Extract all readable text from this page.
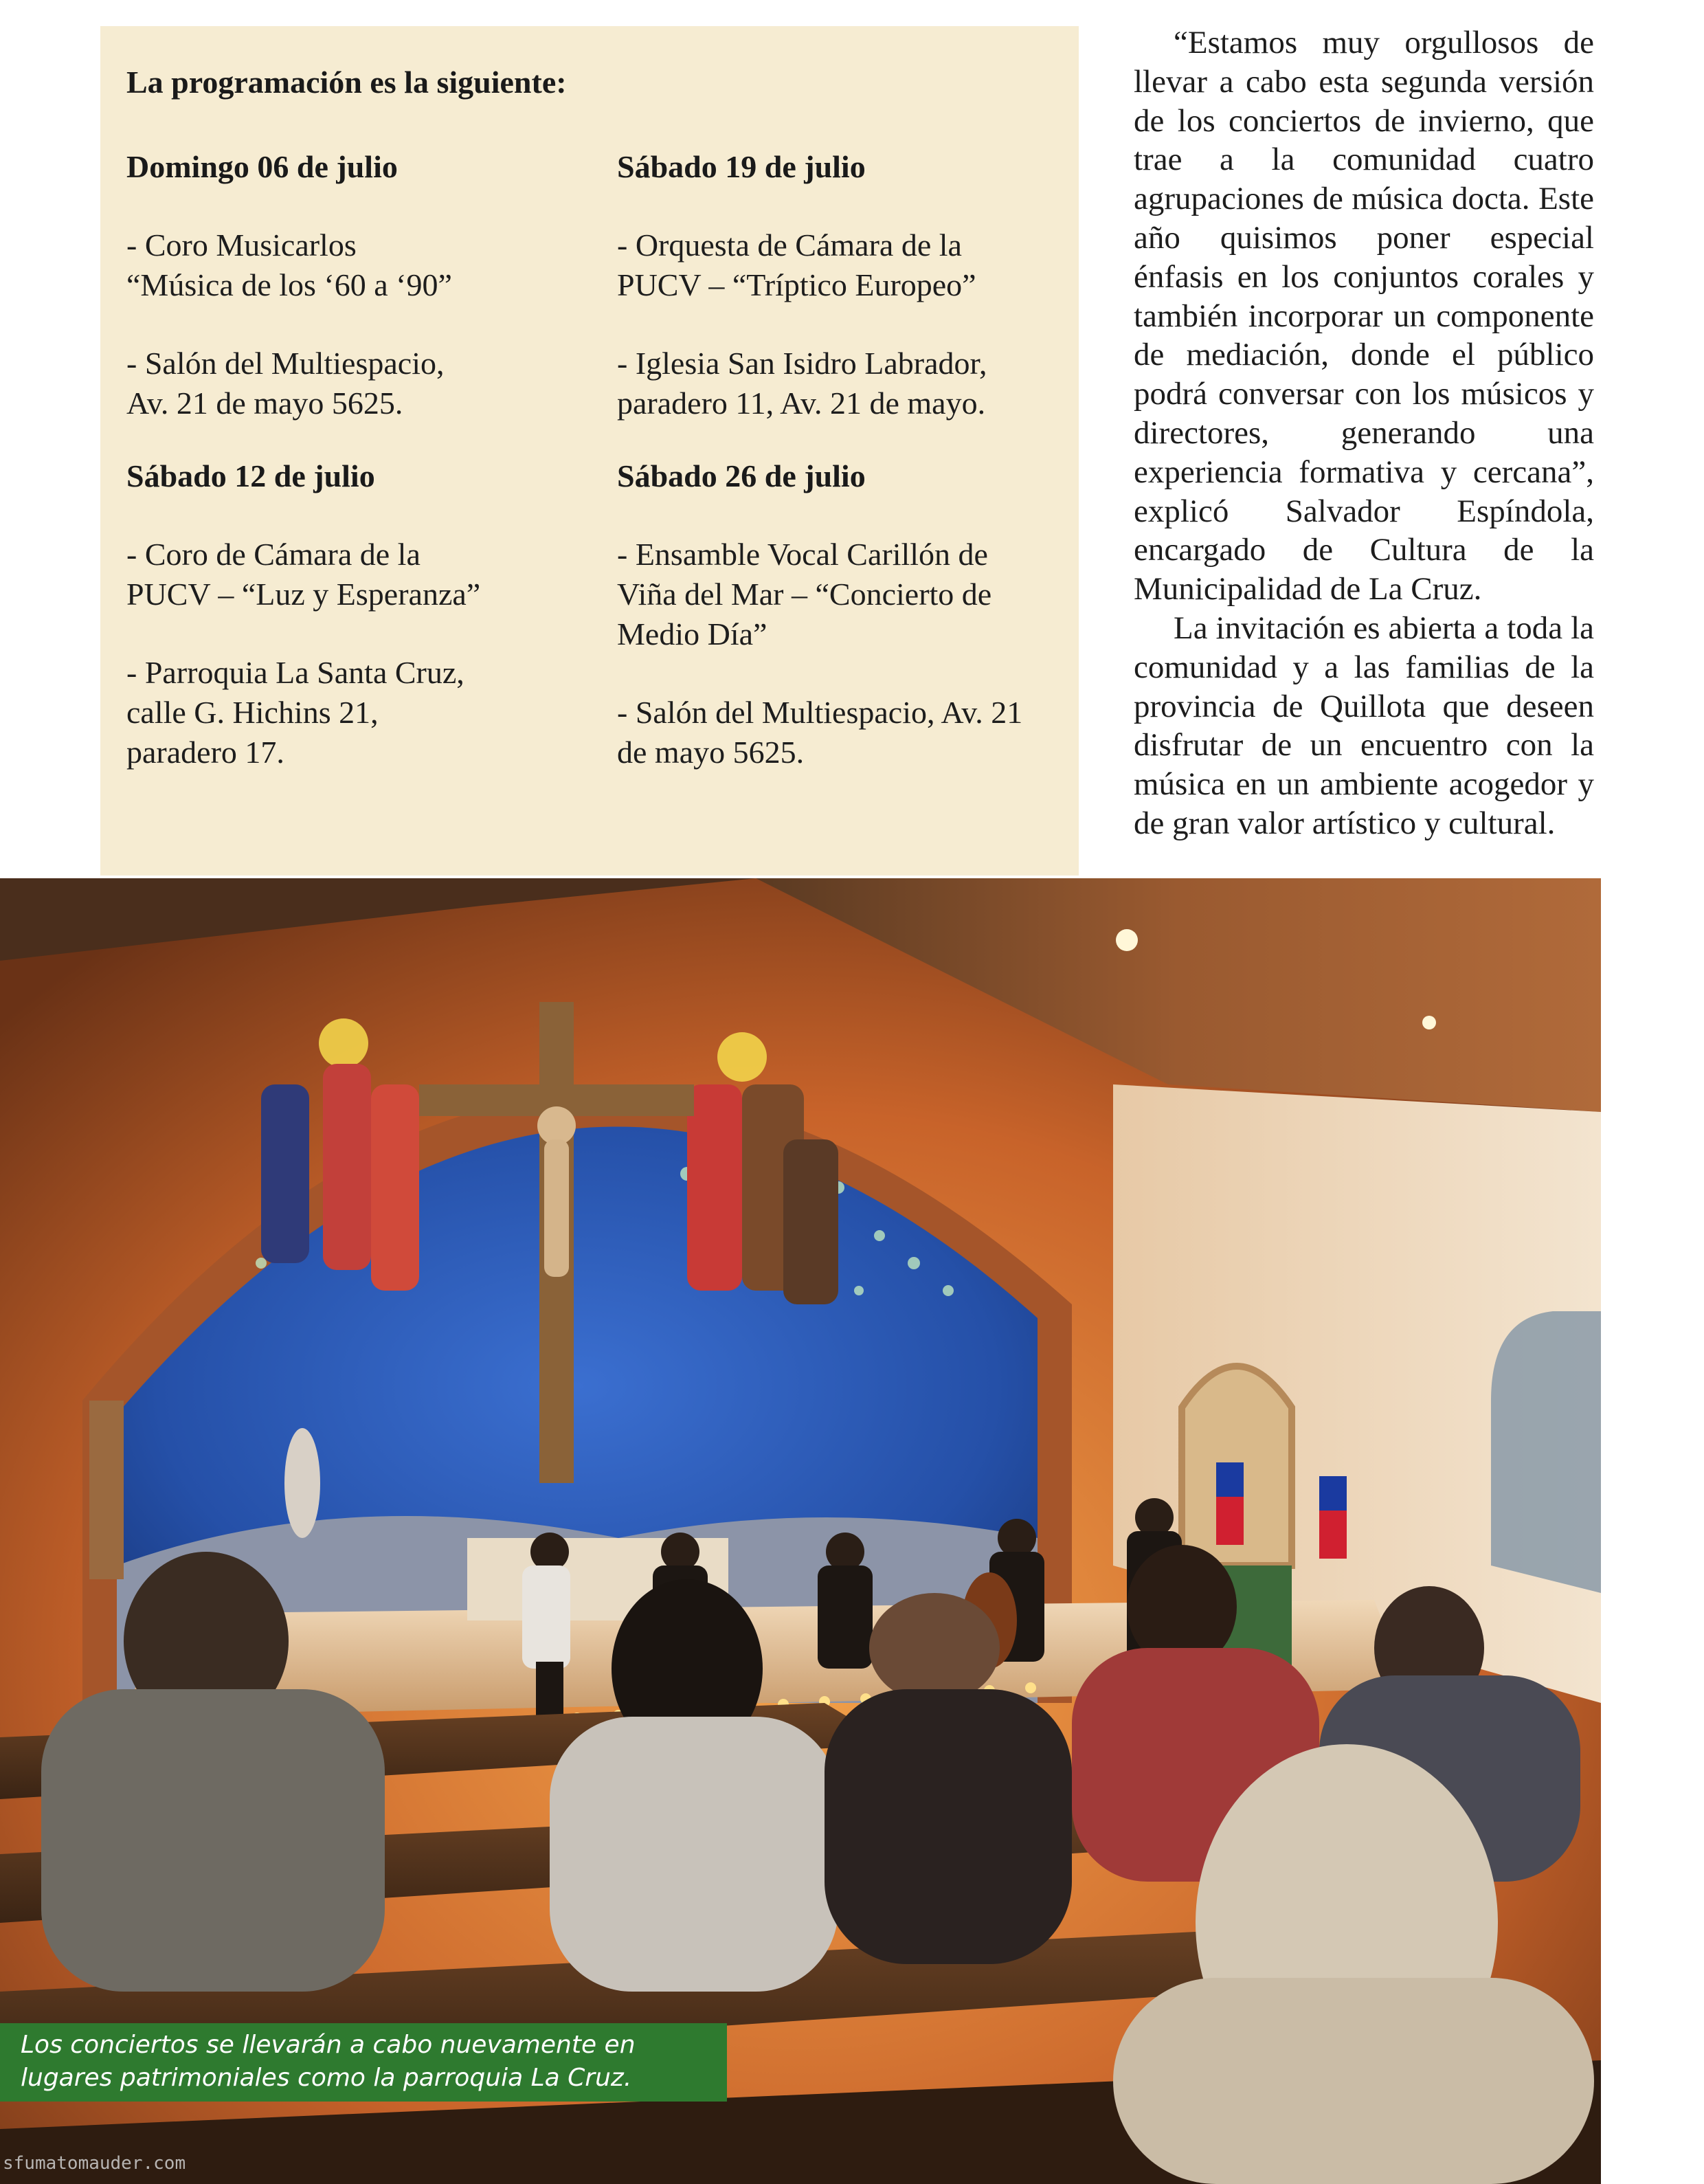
La programación es la siguiente:

Domingo 06 de julio

- Coro Musicarlos

“Música de los ‘60 a ‘90”

- Salón del Multiespacio,

Av. 21 de mayo 5625.

Sábado 12 de julio

- Coro de Cámara de la

PUCV – “Luz y Esperanza”

- Parroquia La Santa Cruz,

calle G. Hichins 21,

paradero 17.

Sábado 19 de julio

- Orquesta de Cámara de la

PUCV – “Tríptico Europeo”

- Iglesia San Isidro Labrador,

paradero 11, Av. 21 de mayo.

Sábado 26 de julio

- Ensamble Vocal Carillón de

Viña del Mar – “Concierto de

Medio Día”

- Salón del Multiespacio, Av. 21

de mayo 5625.

“Estamos muy orgullosos de llevar a cabo esta segunda versión de los conciertos de invierno, que trae a la comunidad cuatro agrupaciones de música docta. Este año quisimos poner especial énfasis en los conjuntos corales y también incorporar un componente de mediación, donde el público podrá conversar con los músicos y directores, generando una experiencia formativa y cercana”, explicó Salvador Espíndola, encargado de Cultura de la Municipalidad de La Cruz.

La invitación es abierta a toda la comunidad y a las familias de la provincia de Quillota que deseen disfrutar de un encuentro con la música en un ambiente acogedor y de gran valor artístico y cultural.

Los conciertos se llevarán a cabo nuevamente en
lugares patrimoniales como la parroquia La Cruz.
sfumatomauder.com
